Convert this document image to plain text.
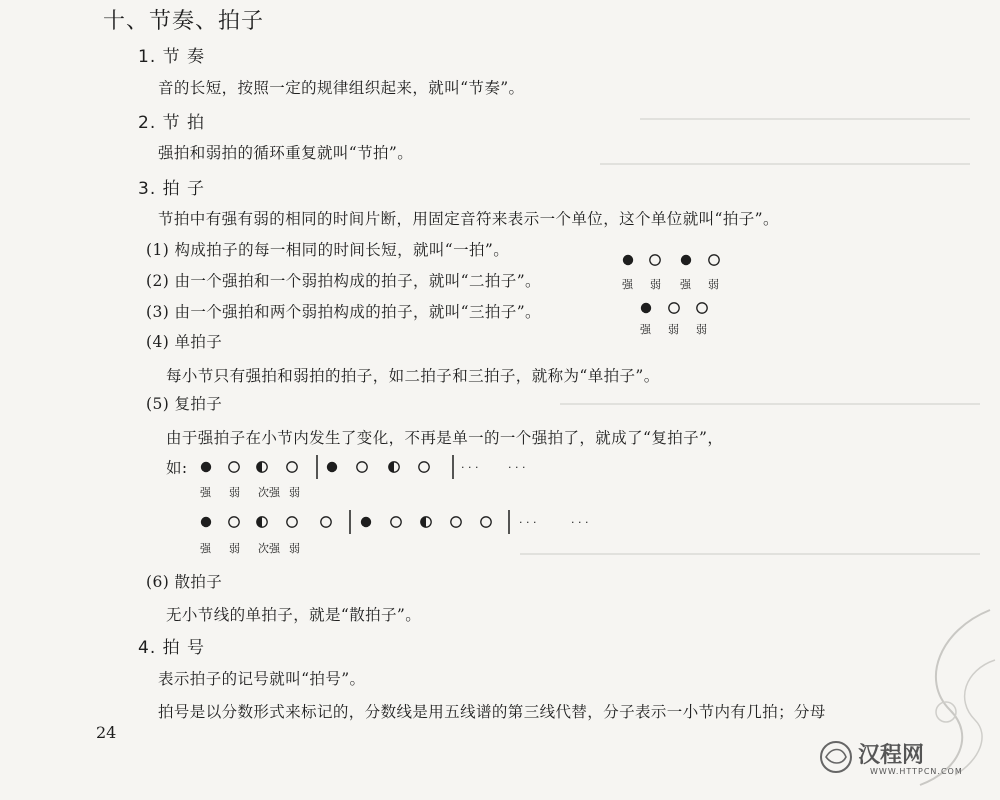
十、节奏、拍子
1. 节 奏
音的长短，按照一定的规律组织起来，就叫“节奏”。
2. 节 拍
强拍和弱拍的循环重复就叫“节拍”。
3. 拍 子
节拍中有强有弱的相同的时间片断，用固定音符来表示一个单位，这个单位就叫“拍子”。
(1) 构成拍子的每一相同的时间长短，就叫“一拍”。
(2) 由一个强拍和一个弱拍构成的拍子，就叫“二拍子”。	强 弱 强 弱
(3) 由一个强拍和两个弱拍构成的拍子，就叫“三拍子”。
强 弱 弱
(4) 单拍子
每小节只有强拍和弱拍的拍子，如二拍子和三拍子，就称为“单拍子”。
(5) 复拍子
由于强拍子在小节内发生了变化，不再是单一的一个强拍了，就成了“复拍子”，
如:	· · ·	· · ·
强 弱 次强 弱
· · ·	· · ·
强 弱 次强 弱
(6) 散拍子
无小节线的单拍子，就是“散拍子”。
4. 拍 号
表示拍子的记号就叫“拍号”。
拍号是以分数形式来标记的，分数线是用五线谱的第三线代替，分子表示一小节内有几拍；分母
24
汉程网
WWW.HTTPCN.COM
